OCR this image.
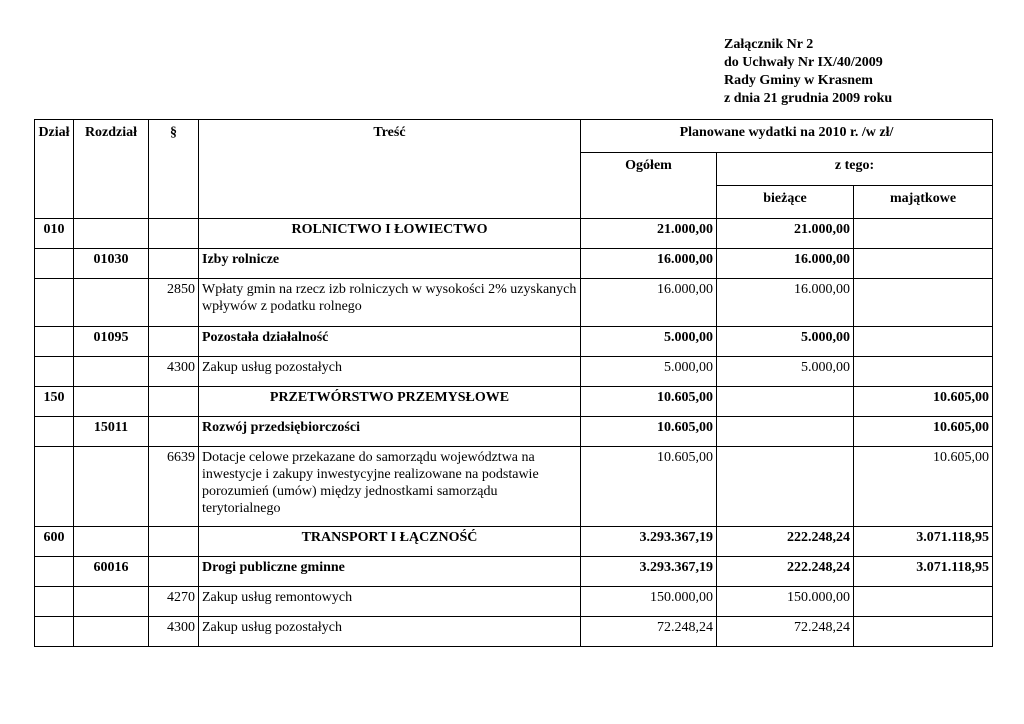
Załącznik Nr 2
do Uchwały Nr IX/40/2009
Rady Gminy w Krasnem
z dnia 21 grudnia 2009 roku
Dział	Rozdział	§	Treść	Planowane wydatki na 2010 r. /w zł/		
				Ogółem	z tego:	
					bieżące	majątkowe
010			ROLNICTWO I ŁOWIECTWO	21.000,00	21.000,00	
	01030		Izby rolnicze	16.000,00	16.000,00	
		2850	Wpłaty gmin na rzecz izb rolniczych w wysokości 2% uzyskanych wpływów z podatku rolnego	16.000,00	16.000,00	
	01095		Pozostała działalność	5.000,00	5.000,00	
		4300	Zakup usług pozostałych	5.000,00	5.000,00	
150			PRZETWÓRSTWO PRZEMYSŁOWE	10.605,00		10.605,00
	15011		Rozwój przedsiębiorczości	10.605,00		10.605,00
		6639	Dotacje celowe przekazane do samorządu województwa na inwestycje i zakupy inwestycyjne realizowane na podstawie porozumień (umów) między jednostkami samorządu terytorialnego	10.605,00		10.605,00
600			TRANSPORT I ŁĄCZNOŚĆ	3.293.367,19	222.248,24	3.071.118,95
	60016		Drogi publiczne gminne	3.293.367,19	222.248,24	3.071.118,95
		4270	Zakup usług remontowych	150.000,00	150.000,00	
		4300	Zakup usług pozostałych	72.248,24	72.248,24	
